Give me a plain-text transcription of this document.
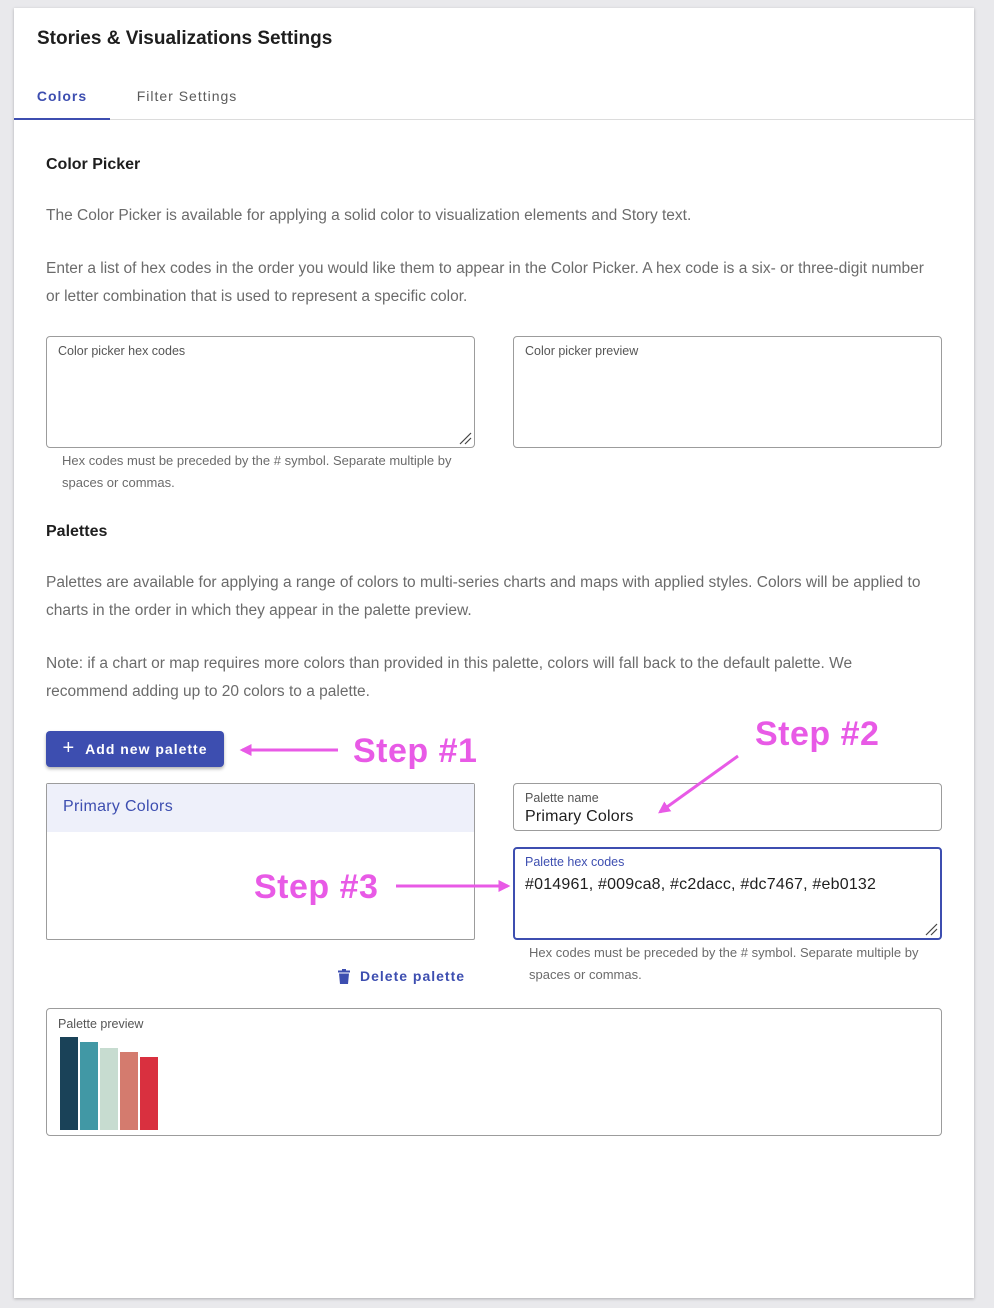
Stories & Visualizations Settings
Colors	Filter Settings
Color Picker
The Color Picker is available for applying a solid color to visualization elements and Story text.
Enter a list of hex codes in the order you would like them to appear in the Color Picker. A hex code is a six- or three-digit number or letter combination that is used to represent a specific color.
Color picker hex codes	Color picker preview
Hex codes must be preceded by the # symbol. Separate multiple by spaces or commas.
Palettes
Palettes are available for applying a range of colors to multi-series charts and maps with applied styles. Colors will be applied to charts in the order in which they appear in the palette preview.
Note: if a chart or map requires more colors than provided in this palette, colors will fall back to the default palette. We recommend adding up to 20 colors to a palette.
+ Add new palette
Primary Colors	Palette name
Primary Colors
Palette hex codes
#014961, #009ca8, #c2dacc, #dc7467, #eb0132
Hex codes must be preceded by the # symbol. Separate multiple by spaces or commas.
Delete palette
Palette preview
Step #1	Step #2
Step #3
